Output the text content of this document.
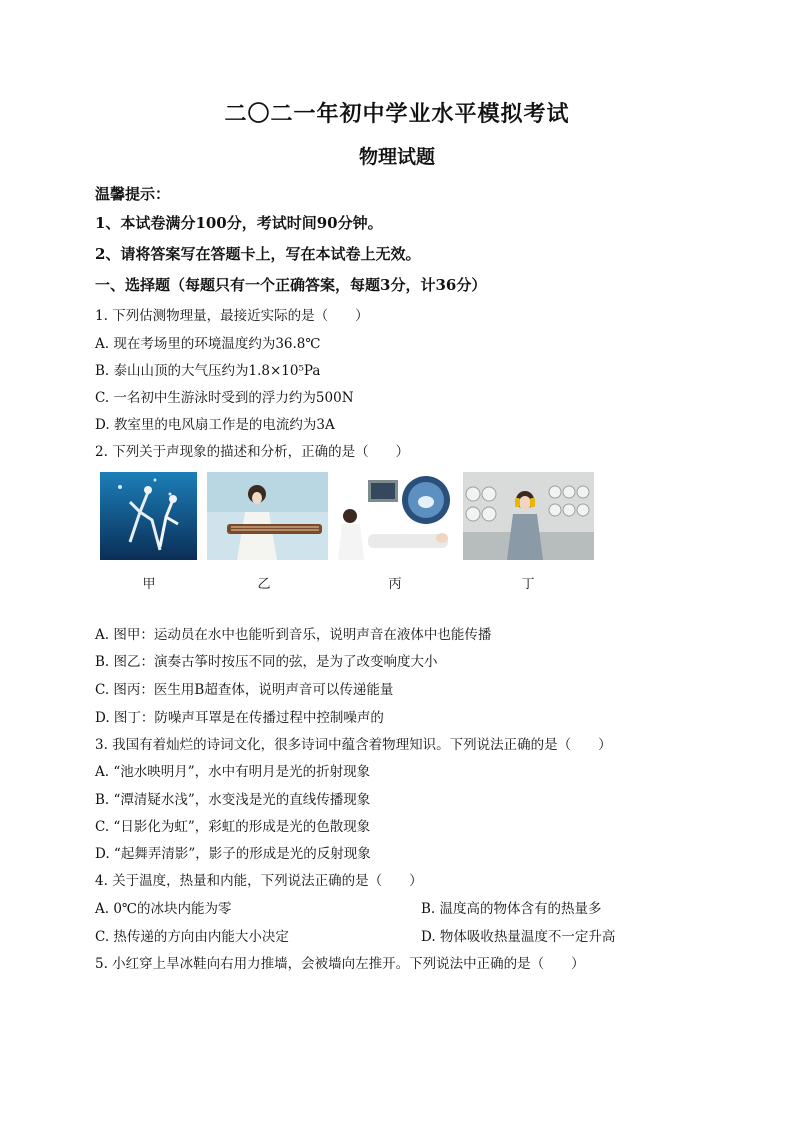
二〇二一年初中学业水平模拟考试
物理试题
温馨提示：
1、本试卷满分100分，考试时间90分钟。
2、请将答案写在答题卡上，写在本试卷上无效。
一、选择题（每题只有一个正确答案，每题3分，计36分）
1. 下列估测物理量，最接近实际的是（　　）
A. 现在考场里的环境温度约为36.8℃
B. 泰山山顶的大气压约为1.8×10⁵Pa
C. 一名初中生游泳时受到的浮力约为500N
D. 教室里的电风扇工作是的电流约为3A
2. 下列关于声现象的描述和分析，正确的是（　　）
甲	乙	丙	丁
A. 图甲：运动员在水中也能听到音乐，说明声音在液体中也能传播
B. 图乙：演奏古筝时按压不同的弦，是为了改变响度大小
C. 图丙：医生用B超查体，说明声音可以传递能量
D. 图丁：防噪声耳罩是在传播过程中控制噪声的
3. 我国有着灿烂的诗词文化，很多诗词中蕴含着物理知识。下列说法正确的是（　　）
A. “池水映明月”，水中有明月是光的折射现象
B. “潭清疑水浅”，水变浅是光的直线传播现象
C. “日影化为虹”，彩虹的形成是光的色散现象
D. “起舞弄清影”，影子的形成是光的反射现象
4. 关于温度，热量和内能，下列说法正确的是（　　）
A. 0℃的冰块内能为零	B. 温度高的物体含有的热量多
C. 热传递的方向由内能大小决定	D. 物体吸收热量温度不一定升高
5. 小红穿上旱冰鞋向右用力推墙，会被墙向左推开。下列说法中正确的是（　　）
